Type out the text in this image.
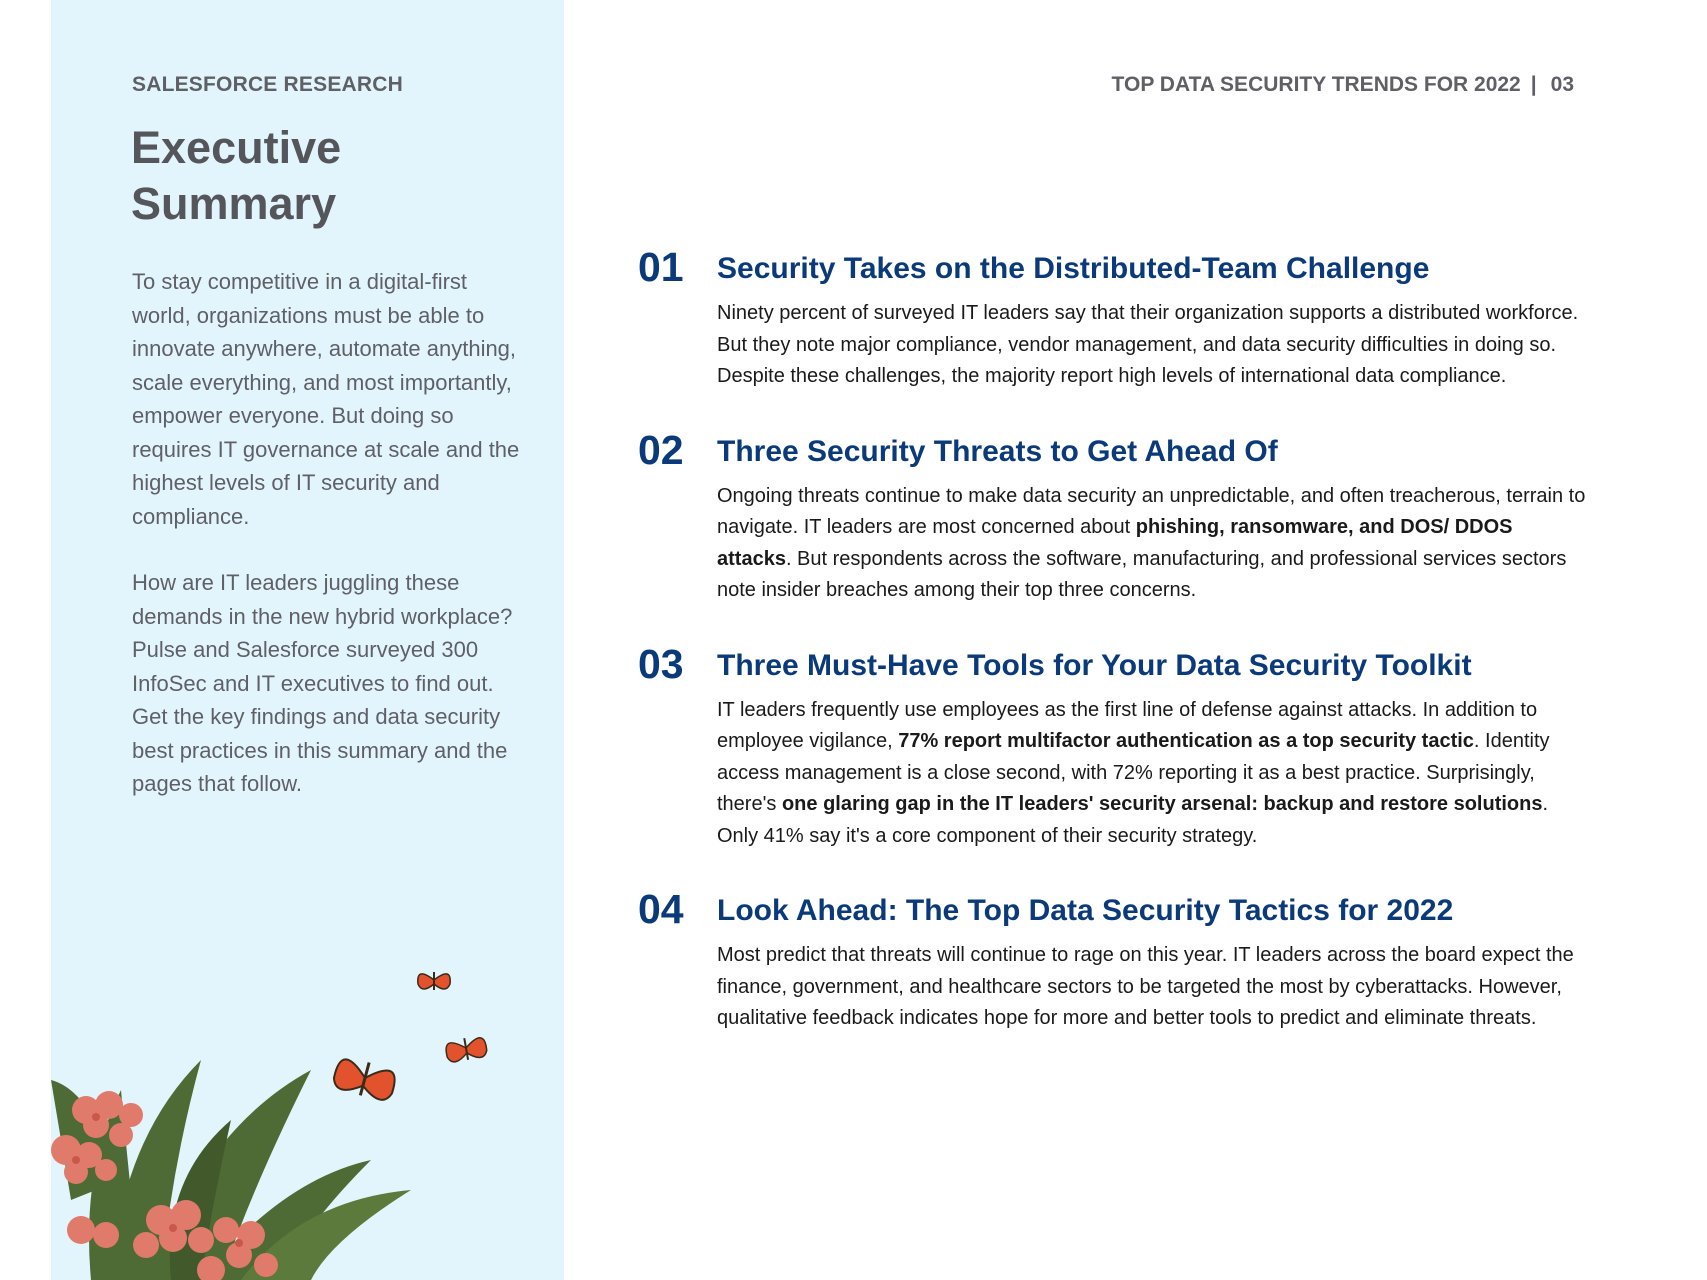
SALESFORCE RESEARCH
Executive
Summary

To stay competitive in a digital-first world, organizations must be able to innovate anywhere, automate anything, scale everything, and most importantly, empower everyone. But doing so requires IT governance at scale and the highest levels of IT security and compliance.

How are IT leaders juggling these demands in the new hybrid workplace? Pulse and Salesforce surveyed 300 InfoSec and IT executives to find out. Get the key findings and data security best practices in this summary and the pages that follow.

TOP DATA SECURITY TRENDS FOR 2022 | 03
01 Security Takes on the Distributed-Team Challenge

Ninety percent of surveyed IT leaders say that their organization supports a distributed workforce. But they note major compliance, vendor management, and data security difficulties in doing so. Despite these challenges, the majority report high levels of international data compliance.

02 Three Security Threats to Get Ahead Of

Ongoing threats continue to make data security an unpredictable, and often treacherous, terrain to navigate. IT leaders are most concerned about phishing, ransomware, and DOS/ DDOS attacks. But respondents across the software, manufacturing, and professional services sectors note insider breaches among their top three concerns.

03 Three Must-Have Tools for Your Data Security Toolkit

IT leaders frequently use employees as the first line of defense against attacks. In addition to employee vigilance, 77% report multifactor authentication as a top security tactic. Identity access management is a close second, with 72% reporting it as a best practice. Surprisingly, there's one glaring gap in the IT leaders' security arsenal: backup and restore solutions. Only 41% say it's a core component of their security strategy.

04 Look Ahead: The Top Data Security Tactics for 2022

Most predict that threats will continue to rage on this year. IT leaders across the board expect the finance, government, and healthcare sectors to be targeted the most by cyberattacks. However, qualitative feedback indicates hope for more and better tools to predict and eliminate threats.
